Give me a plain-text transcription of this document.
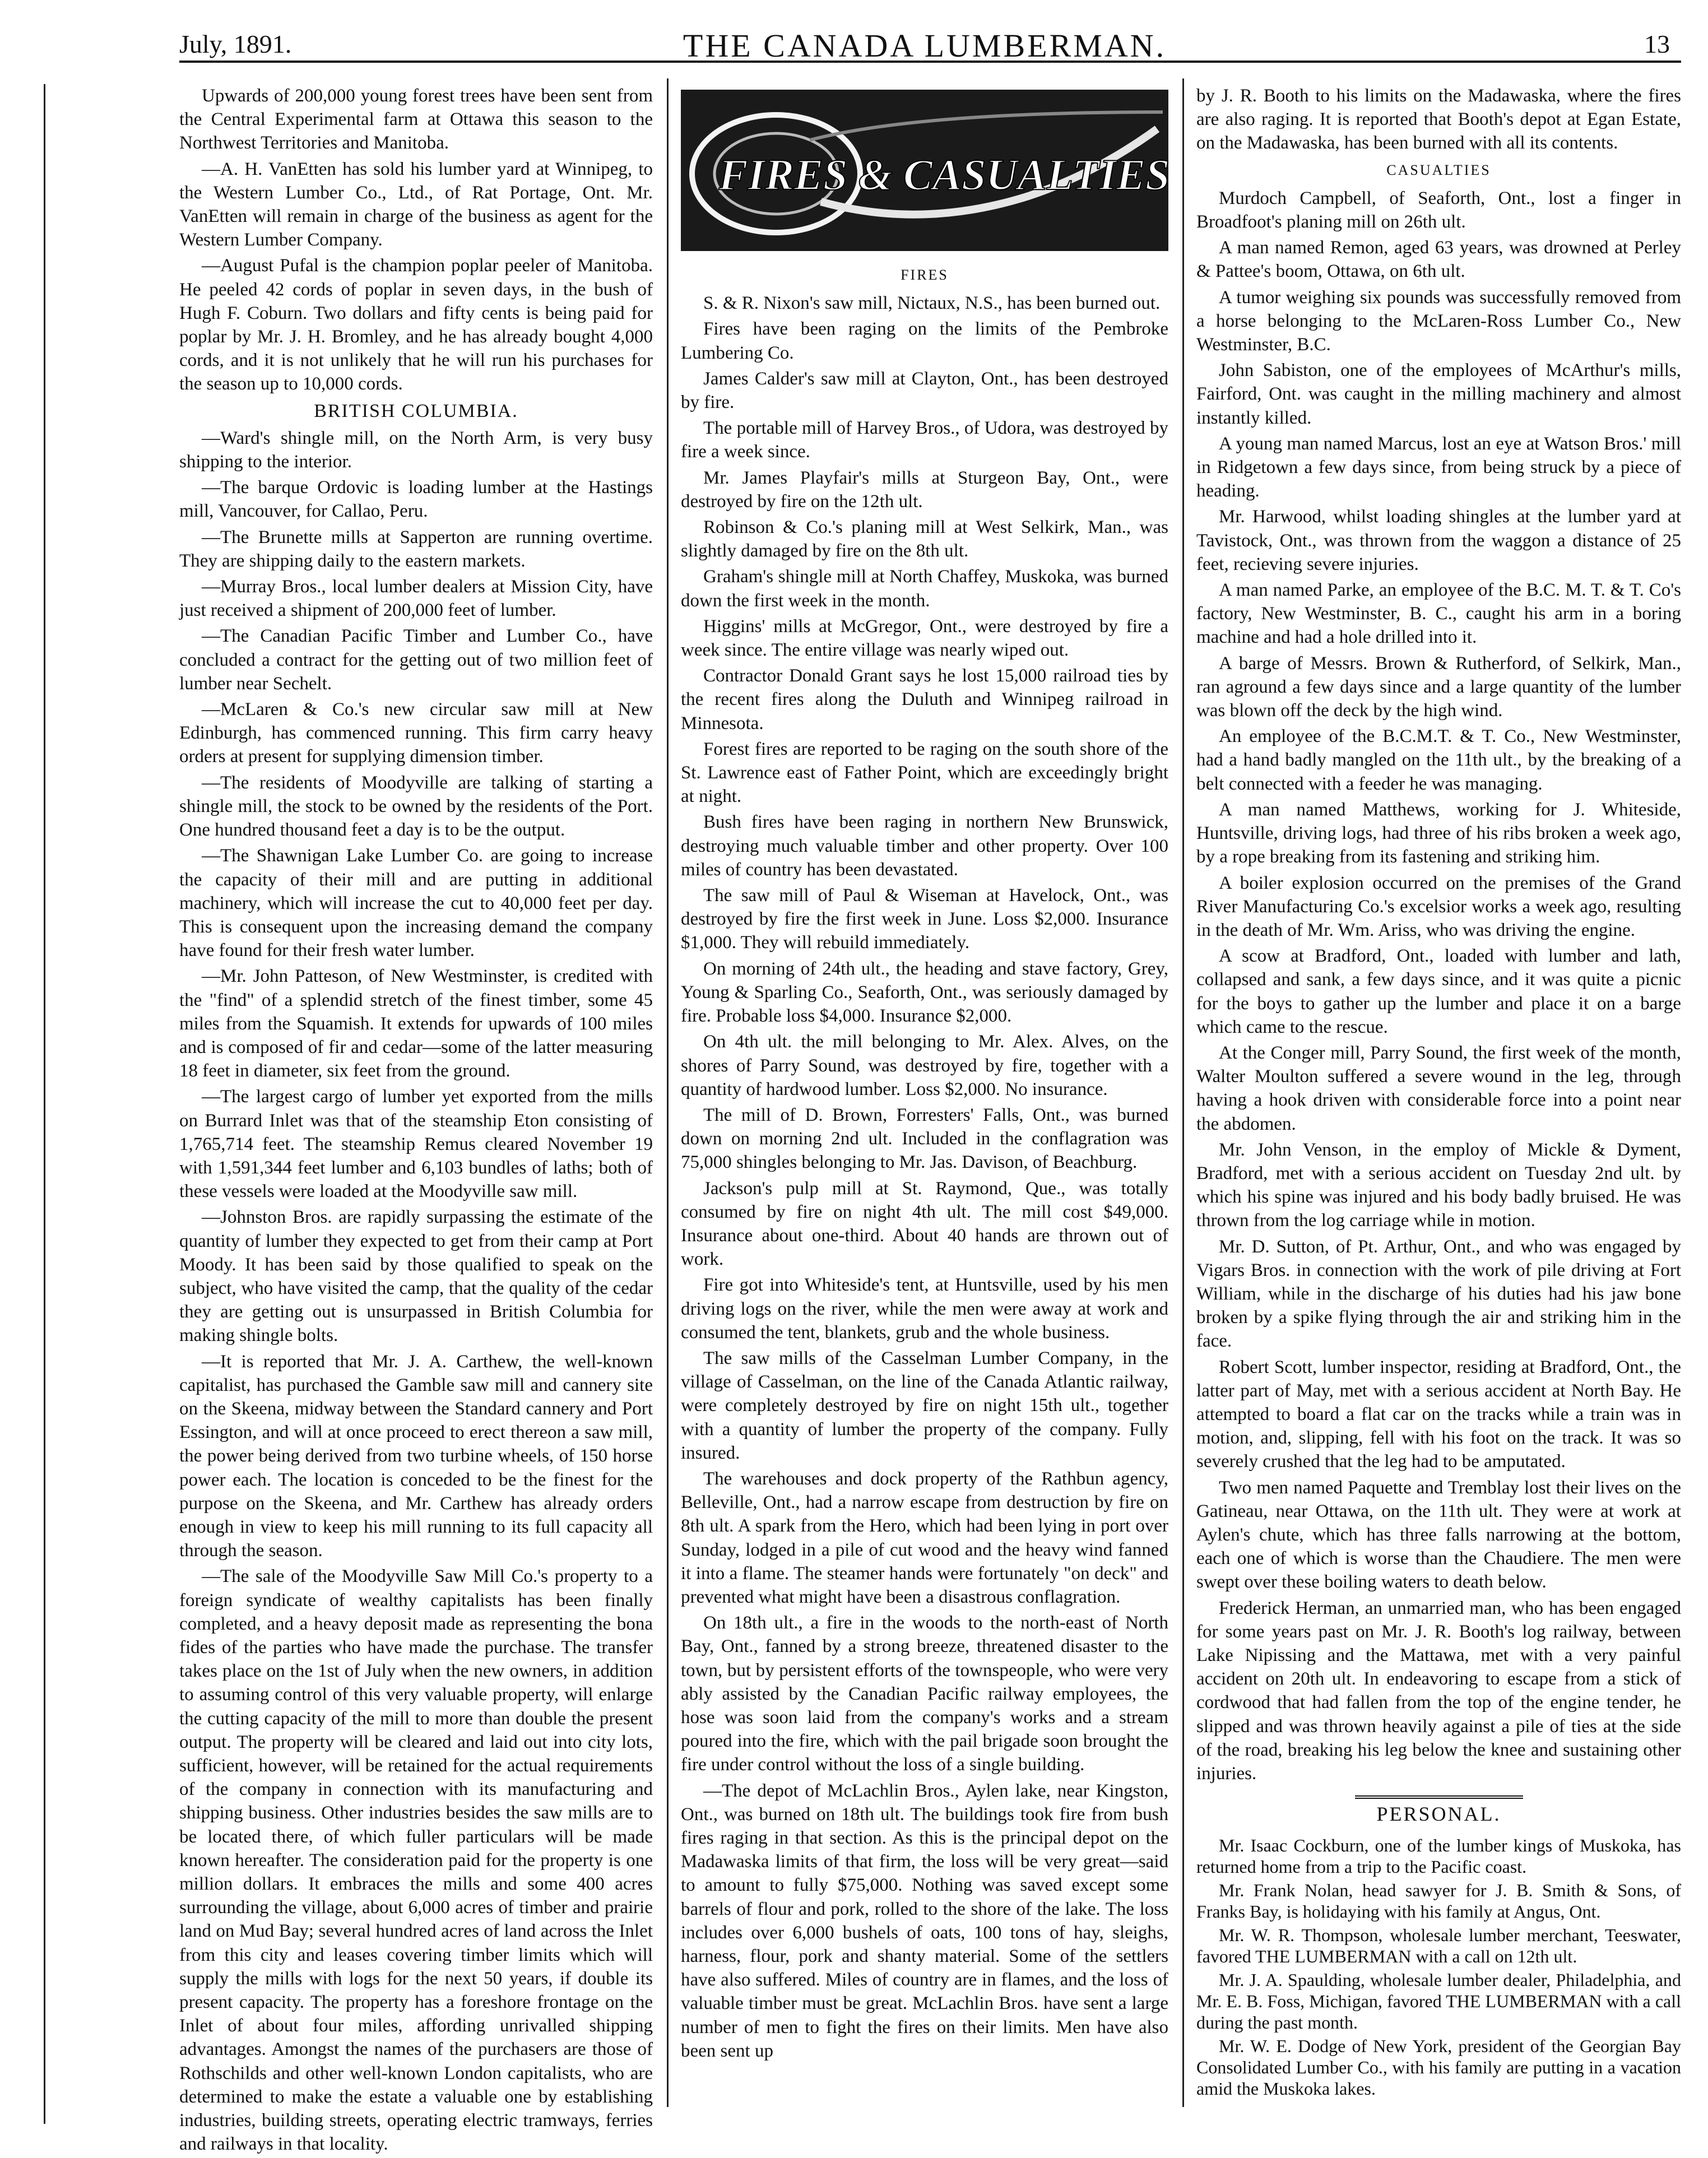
July, 1891.	THE CANADA LUMBERMAN.	13

Upwards of 200,000 young forest trees have been sent from the Central Experimental farm at Ottawa this season to the Northwest Territories and Manitoba.

—A. H. VanEtten has sold his lumber yard at Winnipeg, to the Western Lumber Co., Ltd., of Rat Portage, Ont. Mr. VanEtten will remain in charge of the business as agent for the Western Lumber Company.

—August Pufal is the champion poplar peeler of Manitoba. He peeled 42 cords of poplar in seven days, in the bush of Hugh F. Coburn. Two dollars and fifty cents is being paid for poplar by Mr. J. H. Bromley, and he has already bought 4,000 cords, and it is not unlikely that he will run his purchases for the season up to 10,000 cords.

BRITISH COLUMBIA.

—Ward's shingle mill, on the North Arm, is very busy shipping to the interior.

—The barque Ordovic is loading lumber at the Hastings mill, Vancouver, for Callao, Peru.

—The Brunette mills at Sapperton are running overtime. They are shipping daily to the eastern markets.

—Murray Bros., local lumber dealers at Mission City, have just received a shipment of 200,000 feet of lumber.

—The Canadian Pacific Timber and Lumber Co., have concluded a contract for the getting out of two million feet of lumber near Sechelt.

—McLaren & Co.'s new circular saw mill at New Edinburgh, has commenced running. This firm carry heavy orders at present for supplying dimension timber.

—The residents of Moodyville are talking of starting a shingle mill, the stock to be owned by the residents of the Port. One hundred thousand feet a day is to be the output.

—The Shawnigan Lake Lumber Co. are going to increase the capacity of their mill and are putting in additional machinery, which will increase the cut to 40,000 feet per day. This is consequent upon the increasing demand the company have found for their fresh water lumber.

—Mr. John Patteson, of New Westminster, is credited with the "find" of a splendid stretch of the finest timber, some 45 miles from the Squamish. It extends for upwards of 100 miles and is composed of fir and cedar—some of the latter measuring 18 feet in diameter, six feet from the ground.

—The largest cargo of lumber yet exported from the mills on Burrard Inlet was that of the steamship Eton consisting of 1,765,714 feet. The steamship Remus cleared November 19 with 1,591,344 feet lumber and 6,103 bundles of laths; both of these vessels were loaded at the Moodyville saw mill.

—Johnston Bros. are rapidly surpassing the estimate of the quantity of lumber they expected to get from their camp at Port Moody. It has been said by those qualified to speak on the subject, who have visited the camp, that the quality of the cedar they are getting out is unsurpassed in British Columbia for making shingle bolts.

—It is reported that Mr. J. A. Carthew, the well-known capitalist, has purchased the Gamble saw mill and cannery site on the Skeena, midway between the Standard cannery and Port Essington, and will at once proceed to erect thereon a saw mill, the power being derived from two turbine wheels, of 150 horse power each. The location is conceded to be the finest for the purpose on the Skeena, and Mr. Carthew has already orders enough in view to keep his mill running to its full capacity all through the season.

—The sale of the Moodyville Saw Mill Co.'s property to a foreign syndicate of wealthy capitalists has been finally completed, and a heavy deposit made as representing the bona fides of the parties who have made the purchase. The transfer takes place on the 1st of July when the new owners, in addition to assuming control of this very valuable property, will enlarge the cutting capacity of the mill to more than double the present output. The property will be cleared and laid out into city lots, sufficient, however, will be retained for the actual requirements of the company in connection with its manufacturing and shipping business. Other industries besides the saw mills are to be located there, of which fuller particulars will be made known hereafter. The consideration paid for the property is one million dollars. It embraces the mills and some 400 acres surrounding the village, about 6,000 acres of timber and prairie land on Mud Bay; several hundred acres of land across the Inlet from this city and leases covering timber limits which will supply the mills with logs for the next 50 years, if double its present capacity. The property has a foreshore frontage on the Inlet of about four miles, affording unrivalled shipping advantages. Amongst the names of the purchasers are those of Rothschilds and other well-known London capitalists, who are determined to make the estate a valuable one by establishing industries, building streets, operating electric tramways, ferries and railways in that locality.

FIRES & CASUALTIES
FIRES

S. & R. Nixon's saw mill, Nictaux, N.S., has been burned out.

Fires have been raging on the limits of the Pembroke Lumbering Co.

James Calder's saw mill at Clayton, Ont., has been destroyed by fire.

The portable mill of Harvey Bros., of Udora, was destroyed by fire a week since.

Mr. James Playfair's mills at Sturgeon Bay, Ont., were destroyed by fire on the 12th ult.

Robinson & Co.'s planing mill at West Selkirk, Man., was slightly damaged by fire on the 8th ult.

Graham's shingle mill at North Chaffey, Muskoka, was burned down the first week in the month.

Higgins' mills at McGregor, Ont., were destroyed by fire a week since. The entire village was nearly wiped out.

Contractor Donald Grant says he lost 15,000 railroad ties by the recent fires along the Duluth and Winnipeg railroad in Minnesota.

Forest fires are reported to be raging on the south shore of the St. Lawrence east of Father Point, which are exceedingly bright at night.

Bush fires have been raging in northern New Brunswick, destroying much valuable timber and other property. Over 100 miles of country has been devastated.

The saw mill of Paul & Wiseman at Havelock, Ont., was destroyed by fire the first week in June. Loss $2,000. Insurance $1,000. They will rebuild immediately.

On morning of 24th ult., the heading and stave factory, Grey, Young & Sparling Co., Seaforth, Ont., was seriously damaged by fire. Probable loss $4,000. Insurance $2,000.

On 4th ult. the mill belonging to Mr. Alex. Alves, on the shores of Parry Sound, was destroyed by fire, together with a quantity of hardwood lumber. Loss $2,000. No insurance.

The mill of D. Brown, Forresters' Falls, Ont., was burned down on morning 2nd ult. Included in the conflagration was 75,000 shingles belonging to Mr. Jas. Davison, of Beachburg.

Jackson's pulp mill at St. Raymond, Que., was totally consumed by fire on night 4th ult. The mill cost $49,000. Insurance about one-third. About 40 hands are thrown out of work.

Fire got into Whiteside's tent, at Huntsville, used by his men driving logs on the river, while the men were away at work and consumed the tent, blankets, grub and the whole business.

The saw mills of the Casselman Lumber Company, in the village of Casselman, on the line of the Canada Atlantic railway, were completely destroyed by fire on night 15th ult., together with a quantity of lumber the property of the company. Fully insured.

The warehouses and dock property of the Rathbun agency, Belleville, Ont., had a narrow escape from destruction by fire on 8th ult. A spark from the Hero, which had been lying in port over Sunday, lodged in a pile of cut wood and the heavy wind fanned it into a flame. The steamer hands were fortunately "on deck" and prevented what might have been a disastrous conflagration.

On 18th ult., a fire in the woods to the north-east of North Bay, Ont., fanned by a strong breeze, threatened disaster to the town, but by persistent efforts of the townspeople, who were very ably assisted by the Canadian Pacific railway employees, the hose was soon laid from the company's works and a stream poured into the fire, which with the pail brigade soon brought the fire under control without the loss of a single building.

—The depot of McLachlin Bros., Aylen lake, near Kingston, Ont., was burned on 18th ult. The buildings took fire from bush fires raging in that section. As this is the principal depot on the Madawaska limits of that firm, the loss will be very great—said to amount to fully $75,000. Nothing was saved except some barrels of flour and pork, rolled to the shore of the lake. The loss includes over 6,000 bushels of oats, 100 tons of hay, sleighs, harness, flour, pork and shanty material. Some of the settlers have also suffered. Miles of country are in flames, and the loss of valuable timber must be great. McLachlin Bros. have sent a large number of men to fight the fires on their limits. Men have also been sent up

by J. R. Booth to his limits on the Madawaska, where the fires are also raging. It is reported that Booth's depot at Egan Estate, on the Madawaska, has been burned with all its contents.

CASUALTIES

Murdoch Campbell, of Seaforth, Ont., lost a finger in Broadfoot's planing mill on 26th ult.

A man named Remon, aged 63 years, was drowned at Perley & Pattee's boom, Ottawa, on 6th ult.

A tumor weighing six pounds was successfully removed from a horse belonging to the McLaren-Ross Lumber Co., New Westminster, B.C.

John Sabiston, one of the employees of McArthur's mills, Fairford, Ont. was caught in the milling machinery and almost instantly killed.

A young man named Marcus, lost an eye at Watson Bros.' mill in Ridgetown a few days since, from being struck by a piece of heading.

Mr. Harwood, whilst loading shingles at the lumber yard at Tavistock, Ont., was thrown from the waggon a distance of 25 feet, recieving severe injuries.

A man named Parke, an employee of the B.C. M. T. & T. Co's factory, New Westminster, B. C., caught his arm in a boring machine and had a hole drilled into it.

A barge of Messrs. Brown & Rutherford, of Selkirk, Man., ran aground a few days since and a large quantity of the lumber was blown off the deck by the high wind.

An employee of the B.C.M.T. & T. Co., New Westminster, had a hand badly mangled on the 11th ult., by the breaking of a belt connected with a feeder he was managing.

A man named Matthews, working for J. Whiteside, Huntsville, driving logs, had three of his ribs broken a week ago, by a rope breaking from its fastening and striking him.

A boiler explosion occurred on the premises of the Grand River Manufacturing Co.'s excelsior works a week ago, resulting in the death of Mr. Wm. Ariss, who was driving the engine.

A scow at Bradford, Ont., loaded with lumber and lath, collapsed and sank, a few days since, and it was quite a picnic for the boys to gather up the lumber and place it on a barge which came to the rescue.

At the Conger mill, Parry Sound, the first week of the month, Walter Moulton suffered a severe wound in the leg, through having a hook driven with considerable force into a point near the abdomen.

Mr. John Venson, in the employ of Mickle & Dyment, Bradford, met with a serious accident on Tuesday 2nd ult. by which his spine was injured and his body badly bruised. He was thrown from the log carriage while in motion.

Mr. D. Sutton, of Pt. Arthur, Ont., and who was engaged by Vigars Bros. in connection with the work of pile driving at Fort William, while in the discharge of his duties had his jaw bone broken by a spike flying through the air and striking him in the face.

Robert Scott, lumber inspector, residing at Bradford, Ont., the latter part of May, met with a serious accident at North Bay. He attempted to board a flat car on the tracks while a train was in motion, and, slipping, fell with his foot on the track. It was so severely crushed that the leg had to be amputated.

Two men named Paquette and Tremblay lost their lives on the Gatineau, near Ottawa, on the 11th ult. They were at work at Aylen's chute, which has three falls narrowing at the bottom, each one of which is worse than the Chaudiere. The men were swept over these boiling waters to death below.

Frederick Herman, an unmarried man, who has been engaged for some years past on Mr. J. R. Booth's log railway, between Lake Nipissing and the Mattawa, met with a very painful accident on 20th ult. In endeavoring to escape from a stick of cordwood that had fallen from the top of the engine tender, he slipped and was thrown heavily against a pile of ties at the side of the road, breaking his leg below the knee and sustaining other injuries.

PERSONAL.

Mr. Isaac Cockburn, one of the lumber kings of Muskoka, has returned home from a trip to the Pacific coast.

Mr. Frank Nolan, head sawyer for J. B. Smith & Sons, of Franks Bay, is holidaying with his family at Angus, Ont.

Mr. W. R. Thompson, wholesale lumber merchant, Teeswater, favored THE LUMBERMAN with a call on 12th ult.

Mr. J. A. Spaulding, wholesale lumber dealer, Philadelphia, and Mr. E. B. Foss, Michigan, favored THE LUMBERMAN with a call during the past month.

Mr. W. E. Dodge of New York, president of the Georgian Bay Consolidated Lumber Co., with his family are putting in a vacation amid the Muskoka lakes.
